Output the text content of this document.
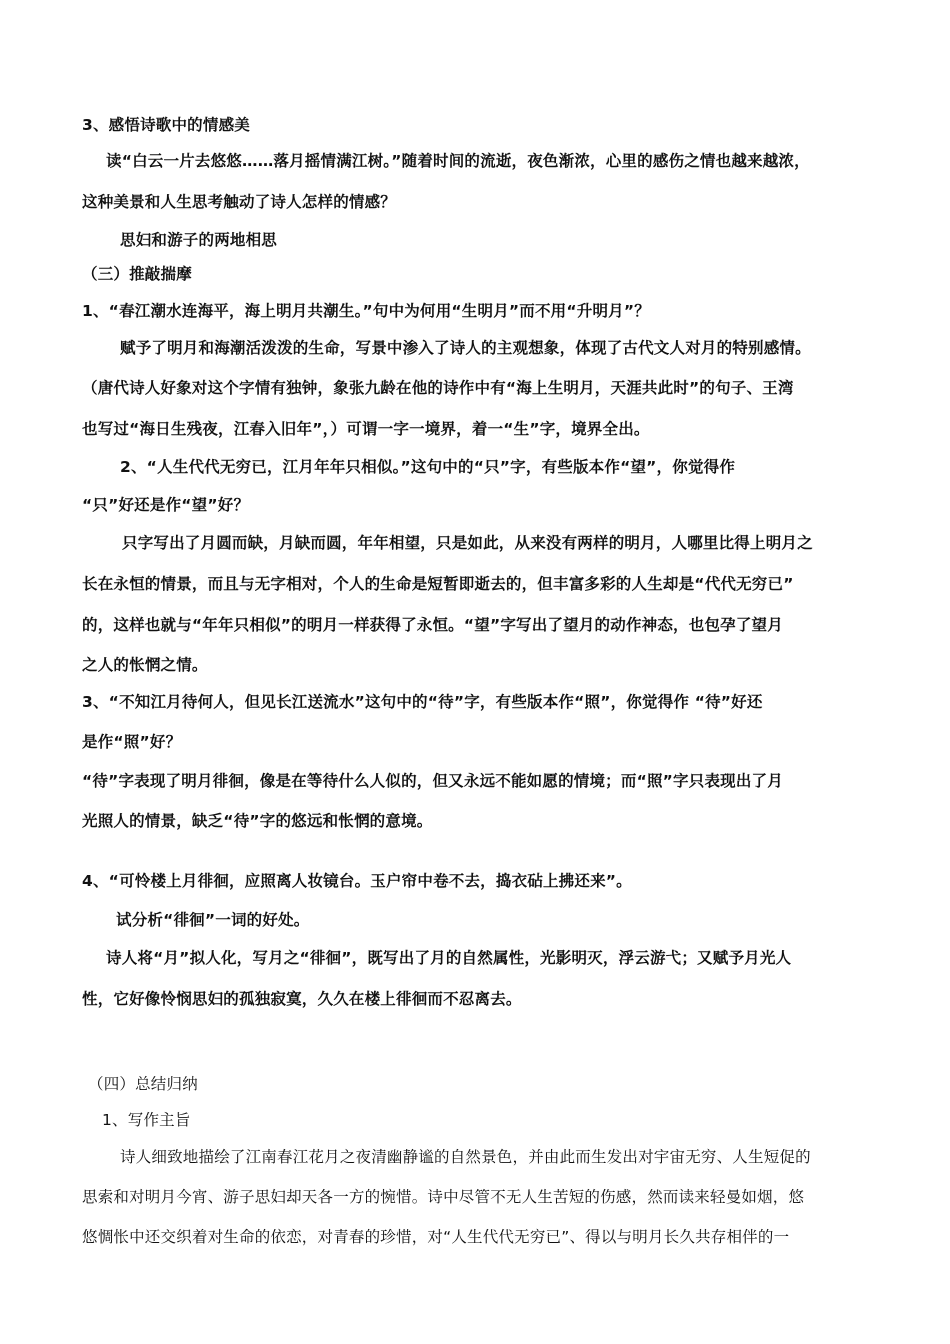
3、感悟诗歌中的情感美
读“白云一片去悠悠……落月摇情满江树。”随着时间的流逝，夜色渐浓，心里的感伤之情也越来越浓，
这种美景和人生思考触动了诗人怎样的情感？
思妇和游子的两地相思
（三）推敲揣摩
1、“春江潮水连海平，海上明月共潮生。”句中为何用“生明月”而不用“升明月”？
赋予了明月和海潮活泼泼的生命，写景中渗入了诗人的主观想象，体现了古代文人对月的特别感情。
（唐代诗人好象对这个字情有独钟，象张九龄在他的诗作中有“海上生明月，天涯共此时”的句子、王湾
也写过“海日生残夜，江春入旧年”，）可谓一字一境界，着一“生”字，境界全出。
2、“人生代代无穷已，江月年年只相似。”这句中的“只”字，有些版本作“望”，你觉得作
“只”好还是作“望”好？
只字写出了月圆而缺，月缺而圆，年年相望，只是如此，从来没有两样的明月，人哪里比得上明月之
长在永恒的情景，而且与无字相对，个人的生命是短暂即逝去的，但丰富多彩的人生却是“代代无穷已”
的，这样也就与“年年只相似”的明月一样获得了永恒。“望”字写出了望月的动作神态，也包孕了望月
之人的怅惘之情。
3、“不知江月待何人，但见长江送流水”这句中的“待”字，有些版本作“照”，你觉得作 “待”好还
是作“照”好？
“待”字表现了明月徘徊，像是在等待什么人似的，但又永远不能如愿的情境；而“照”字只表现出了月
光照人的情景，缺乏“待”字的悠远和怅惘的意境。
4、“可怜楼上月徘徊，应照离人妆镜台。玉户帘中卷不去，捣衣砧上拂还来”。
试分析“徘徊”一词的好处。
诗人将“月”拟人化，写月之“徘徊”，既写出了月的自然属性，光影明灭，浮云游弋；又赋予月光人
性，它好像怜悯思妇的孤独寂寞，久久在楼上徘徊而不忍离去。
（四）总结归纳
1、写作主旨
诗人细致地描绘了江南春江花月之夜清幽静谧的自然景色，并由此而生发出对宇宙无穷、人生短促的
思索和对明月今宵、游子思妇却天各一方的惋惜。诗中尽管不无人生苦短的伤感，然而读来轻曼如烟，悠
悠惆怅中还交织着对生命的依恋，对青春的珍惜，对“人生代代无穷已”、得以与明月长久共存相伴的一
